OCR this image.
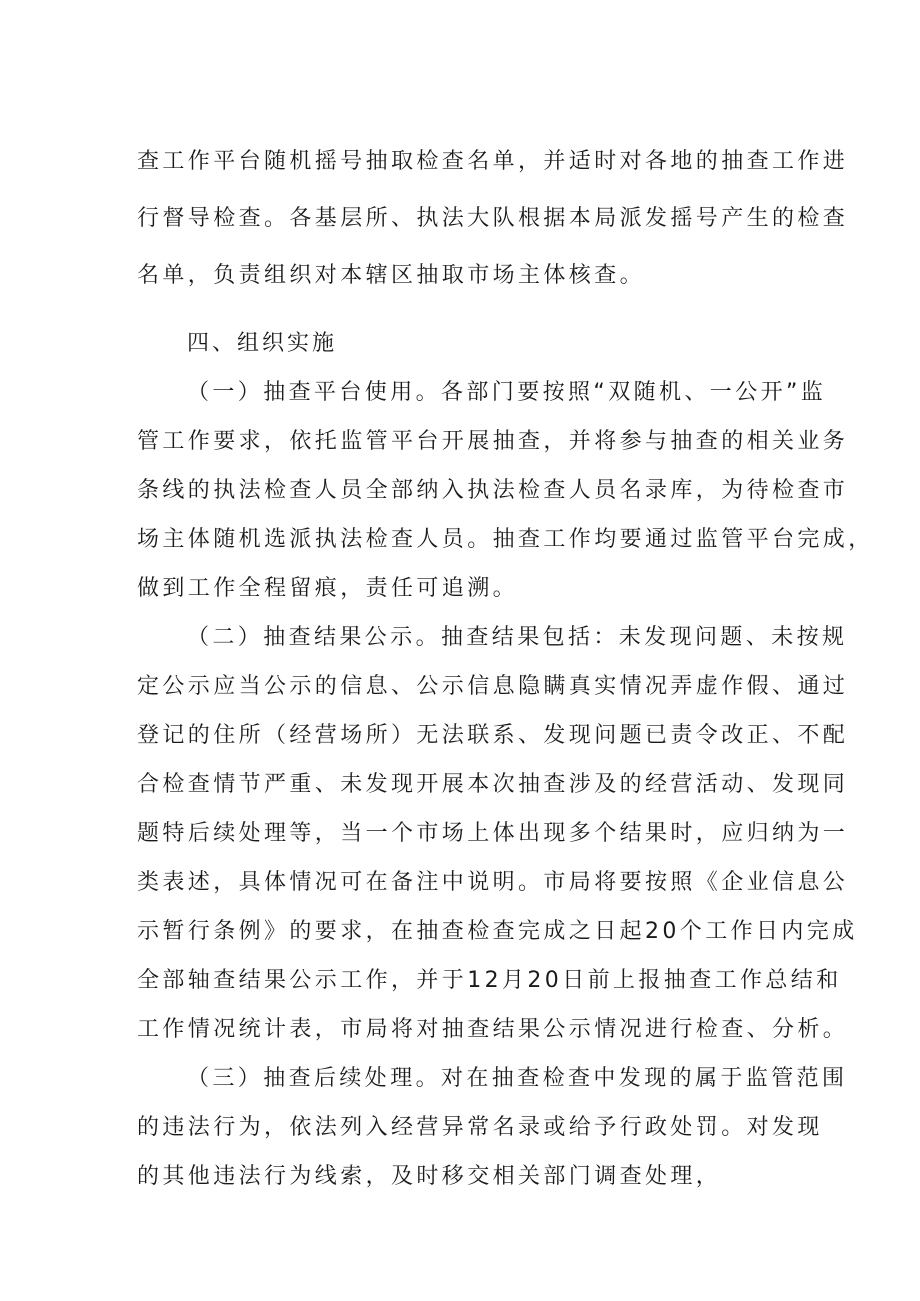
查工作平台随机摇号抽取检查名单，并适时对各地的抽查工作进
行督导检查。各基层所、执法大队根据本局派发摇号产生的检查
名单，负责组织对本辖区抽取市场主体核查。
四、组织实施
（一）抽查平台使用。各部门要按照“双随机、一公开”监
管工作要求，依托监管平台开展抽查，并将参与抽查的相关业务
条线的执法检查人员全部纳入执法检查人员名录库，为待检查市
场主体随机选派执法检查人员。抽查工作均要通过监管平台完成，
做到工作全程留痕，责任可追溯。
（二）抽查结果公示。抽查结果包括：未发现问题、未按规
定公示应当公示的信息、公示信息隐瞒真实情况弄虚作假、通过
登记的住所（经营场所）无法联系、发现问题已责令改正、不配
合检查情节严重、未发现开展本次抽查涉及的经营活动、发现同
题特后续处理等，当一个市场上体出现多个结果时，应归纳为一
类表述，具体情况可在备注中说明。市局将要按照《企业信息公
示暂行条例》的要求，在抽查检查完成之日起20个工作日内完成
全部轴查结果公示工作，并于12月20日前上报抽查工作总结和
工作情况统计表，市局将对抽查结果公示情况进行检查、分析。
（三）抽查后续处理。对在抽查检查中发现的属于监管范围
的违法行为，依法列入经营异常名录或给予行政处罚。对发现
的其他违法行为线索，及时移交相关部门调查处理，
